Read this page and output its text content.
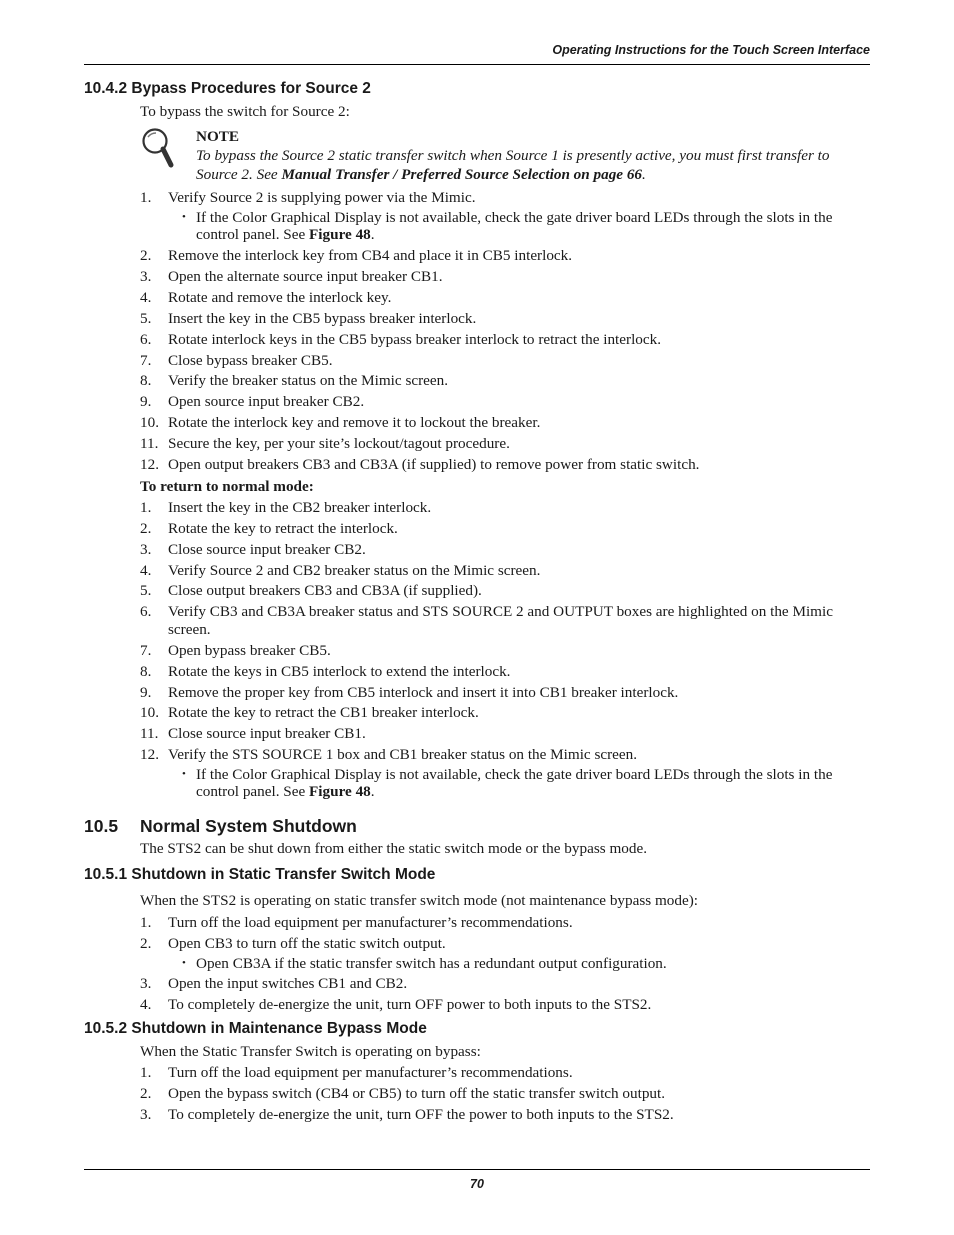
Operating Instructions for the Touch Screen Interface
10.4.2 Bypass Procedures for Source 2

To bypass the switch for Source 2:

NOTE
To bypass the Source 2 static transfer switch when Source 1 is presently active, you must first transfer to Source 2. See Manual Transfer / Preferred Source Selection on page 66.
1.	Verify Source 2 is supplying power via the Mimic.
• If the Color Graphical Display is not available, check the gate driver board LEDs through the slots in the control panel. See Figure 48.
2.	Remove the interlock key from CB4 and place it in CB5 interlock.
3.	Open the alternate source input breaker CB1.
4.	Rotate and remove the interlock key.
5.	Insert the key in the CB5 bypass breaker interlock.
6.	Rotate interlock keys in the CB5 bypass breaker interlock to retract the interlock.
7.	Close bypass breaker CB5.
8.	Verify the breaker status on the Mimic screen.
9.	Open source input breaker CB2.
10. Rotate the interlock key and remove it to lockout the breaker.
11. Secure the key, per your site’s lockout/tagout procedure.
12. Open output breakers CB3 and CB3A (if supplied) to remove power from static switch.
To return to normal mode:
1.	Insert the key in the CB2 breaker interlock.
2.	Rotate the key to retract the interlock.
3.	Close source input breaker CB2.
4.	Verify Source 2 and CB2 breaker status on the Mimic screen.
5.	Close output breakers CB3 and CB3A (if supplied).
6.	Verify CB3 and CB3A breaker status and STS SOURCE 2 and OUTPUT boxes are highlighted on the Mimic screen.
7.	Open bypass breaker CB5.
8.	Rotate the keys in CB5 interlock to extend the interlock.
9.	Remove the proper key from CB5 interlock and insert it into CB1 breaker interlock.
10. Rotate the key to retract the CB1 breaker interlock.
11. Close source input breaker CB1.
12. Verify the STS SOURCE 1 box and CB1 breaker status on the Mimic screen.
• If the Color Graphical Display is not available, check the gate driver board LEDs through the slots in the control panel. See Figure 48.
10.5 Normal System Shutdown

The STS2 can be shut down from either the static switch mode or the bypass mode.

10.5.1 Shutdown in Static Transfer Switch Mode

When the STS2 is operating on static transfer switch mode (not maintenance bypass mode):

1.	Turn off the load equipment per manufacturer’s recommendations.
2.	Open CB3 to turn off the static switch output.
• Open CB3A if the static transfer switch has a redundant output configuration.
3.	Open the input switches CB1 and CB2.
4.	To completely de-energize the unit, turn OFF power to both inputs to the STS2.
10.5.2 Shutdown in Maintenance Bypass Mode

When the Static Transfer Switch is operating on bypass:

1.	Turn off the load equipment per manufacturer’s recommendations.
2.	Open the bypass switch (CB4 or CB5) to turn off the static transfer switch output.
3.	To completely de-energize the unit, turn OFF the power to both inputs to the STS2.
70
